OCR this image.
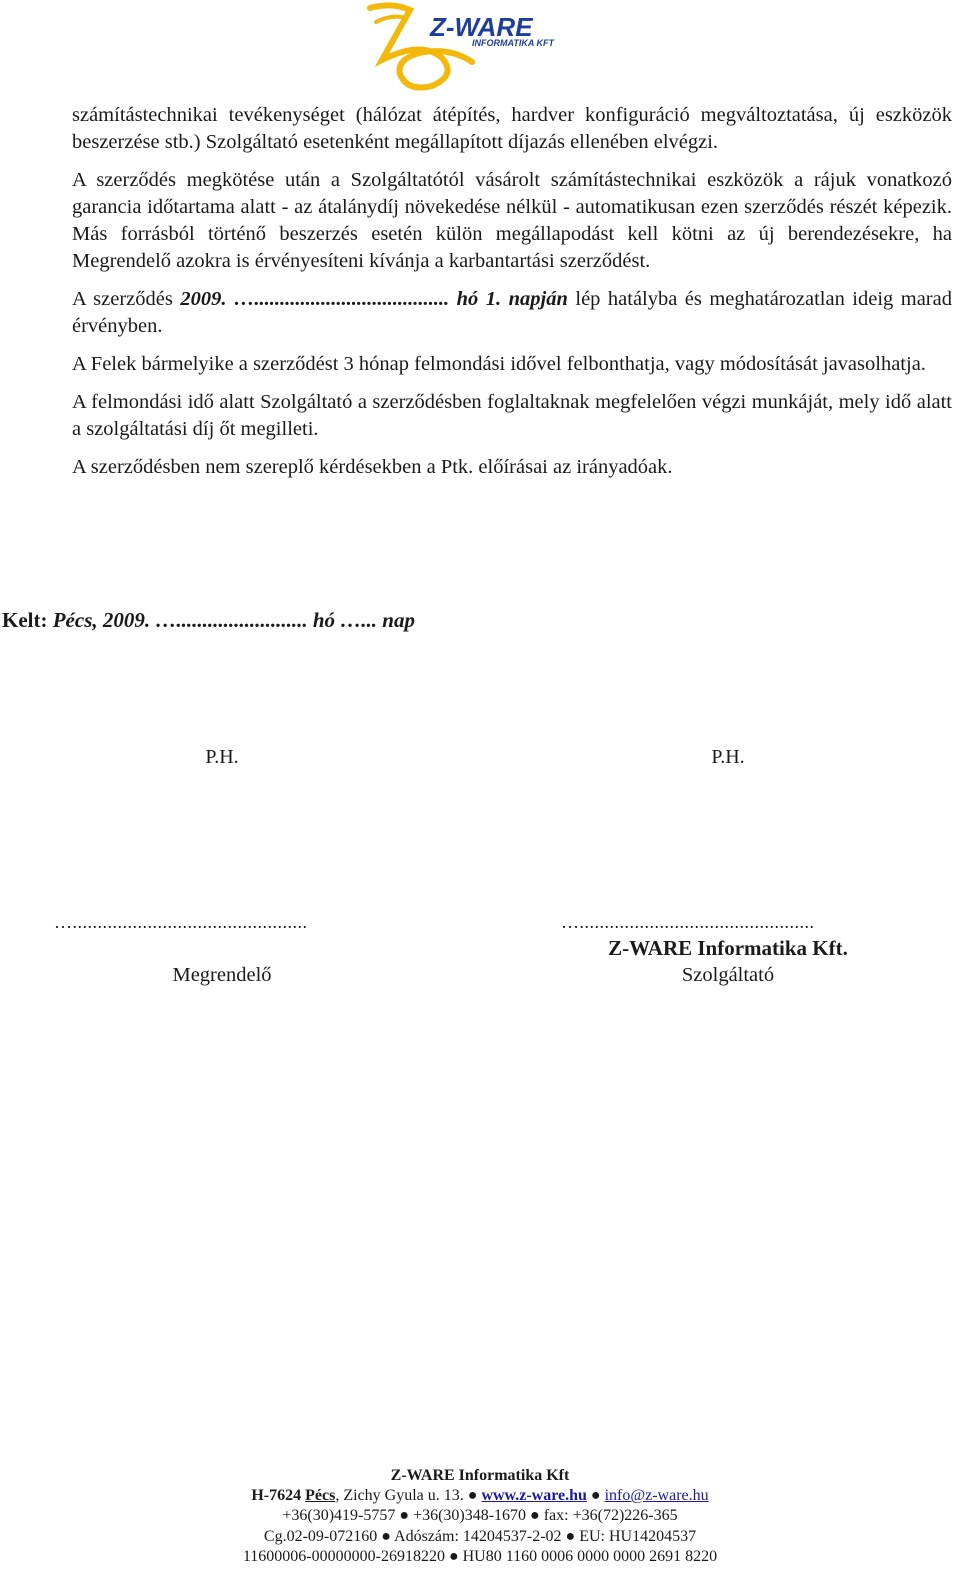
Z-WARE
INFORMATIKA KFT

számítástechnikai tevékenységet (hálózat átépítés, hardver konfiguráció megváltoztatása, új eszközök beszerzése stb.) Szolgáltató esetenként megállapított díjazás ellenében elvégzi.

A szerződés megkötése után a Szolgáltatótól vásárolt számítástechnikai eszközök a rájuk vonatkozó garancia időtartama alatt - az átalánydíj növekedése nélkül - automatikusan ezen szerződés részét képezik. Más forrásból történő beszerzés esetén külön megállapodást kell kötni az új berendezésekre, ha Megrendelő azokra is érvényesíteni kívánja a karbantartási szerződést.

A szerződés 2009. …...................................... hó 1. napján lép hatályba és meghatározatlan ideig marad érvényben.

A Felek bármelyike a szerződést 3 hónap felmondási idővel felbonthatja, vagy módosítását javasolhatja.

A felmondási idő alatt Szolgáltató a szerződésben foglaltaknak megfelelően végzi munkáját, mely idő alatt a szolgáltatási díj őt megilleti.

A szerződésben nem szereplő kérdésekben a Ptk. előírásai az irányadóak.

Kelt: Pécs, 2009. …......................... hó …... nap
P.H.	P.H.
…...............................................	…...............................................
Z-WARE Informatika Kft.
Megrendelő	Szolgáltató
Z-WARE Informatika Kft
H-7624 Pécs, Zichy Gyula u. 13. ● www.z-ware.hu ● info@z-ware.hu
+36(30)419-5757 ● +36(30)348-1670 ● fax: +36(72)226-365
Cg.02-09-072160 ● Adószám: 14204537-2-02 ● EU: HU14204537
11600006-00000000-26918220 ● HU80 1160 0006 0000 0000 2691 8220
